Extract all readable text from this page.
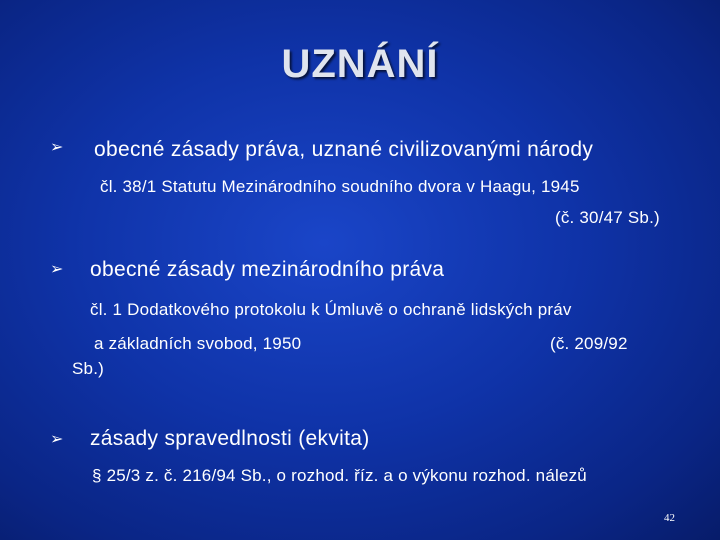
UZNÁNÍ
➢ obecné zásady práva, uznané civilizovanými národy
čl. 38/1 Statutu Mezinárodního soudního dvora v Haagu, 1945
(č. 30/47 Sb.)
➢ obecné zásady mezinárodního práva
čl. 1 Dodatkového protokolu k Úmluvě o ochraně lidských práv
a základních svobod, 1950	(č. 209/92
Sb.)
➢ zásady spravedlnosti (ekvita)
§ 25/3 z. č. 216/94 Sb., o rozhod. říz. a o výkonu rozhod. nálezů
42
